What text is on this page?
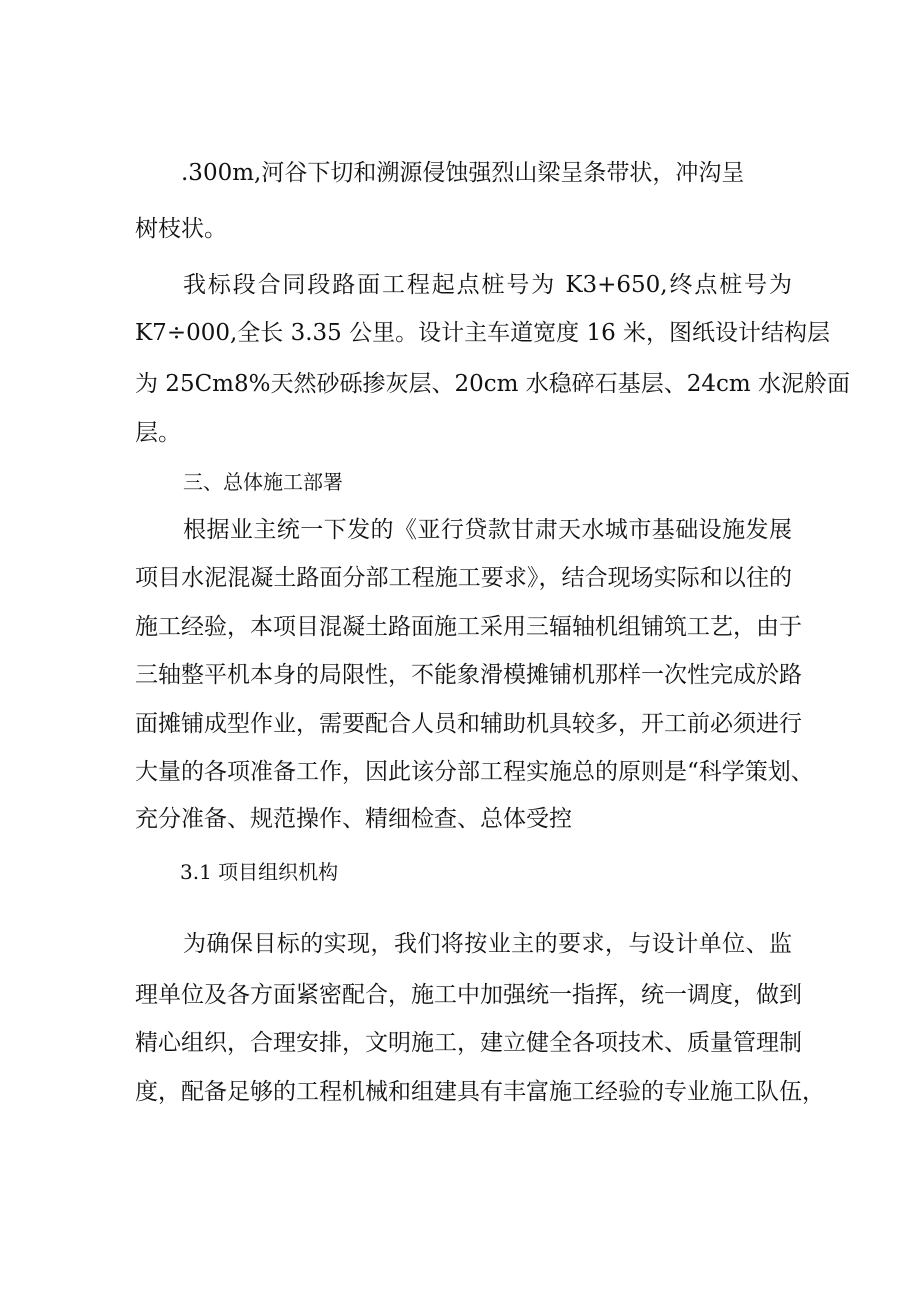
.300m,河谷下切和溯源侵蚀强烈山梁呈条带状，冲沟呈
树枝状。
我标段合同段路面工程起点桩号为 K3+650,终点桩号为
K7÷000,全长 3.35 公里。设计主车道宽度 16 米，图纸设计结构层
为 25Cm8%天然砂砾掺灰层、20cm 水稳碎石基层、24cm 水泥舲面
层。
三、总体施工部署
根据业主统一下发的《亚行贷款甘肃天水城市基础设施发展
项目水泥混凝土路面分部工程施工要求》，结合现场实际和以往的
施工经验，本项目混凝土路面施工采用三辐轴机组铺筑工艺，由于
三轴整平机本身的局限性，不能象滑模摊铺机那样一次性完成於路
面摊铺成型作业，需要配合人员和辅助机具较多，开工前必须进行
大量的各项准备工作，因此该分部工程实施总的原则是“科学策划、
充分准备、规范操作、精细检查、总体受控
3.1 项目组织机构
为确保目标的实现，我们将按业主的要求，与设计单位、监
理单位及各方面紧密配合，施工中加强统一指挥，统一调度，做到
精心组织，合理安排，文明施工，建立健全各项技术、质量管理制
度，配备足够的工程机械和组建具有丰富施工经验的专业施工队伍，
